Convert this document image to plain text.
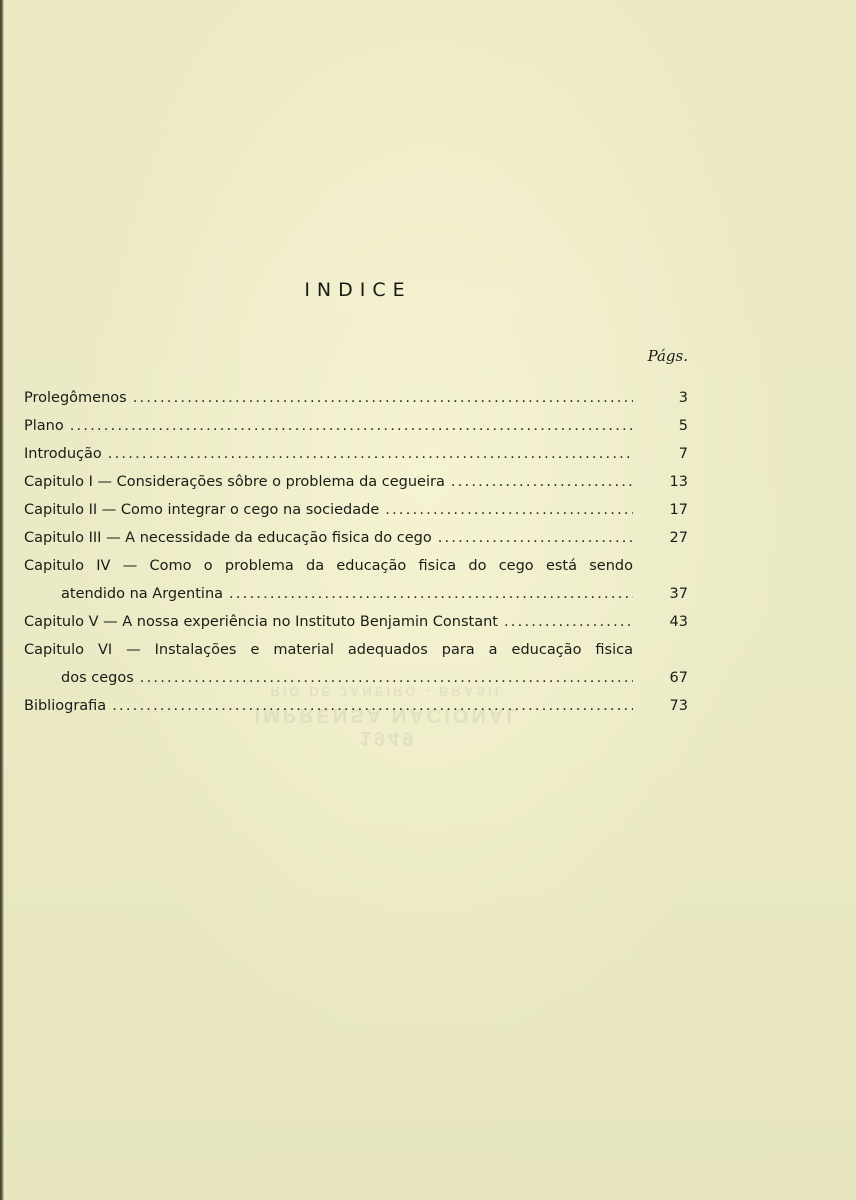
1949
IMPRENSA NACIONAL
RIO DE JANEIRO - BRASIL
INDICE
Págs.
Prolegômenos . . .	3
Plano . . .	5
Introdução . . .	7
Capitulo I — Considerações sôbre o problema da cegueira . . .	13
Capitulo II — Como integrar o cego na sociedade . . .	17
Capitulo III — A necessidade da educação fisica do cego . . .	27
Capitulo IV — Como o problema da educação fisica do cego está sendo
atendido na Argentina . . .	37
Capitulo V — A nossa experiência no Instituto Benjamin Constant . . .	43
Capitulo VI — Instalações e material adequados para a educação fisica
dos cegos . . .	67
Bibliografia . . .	73
